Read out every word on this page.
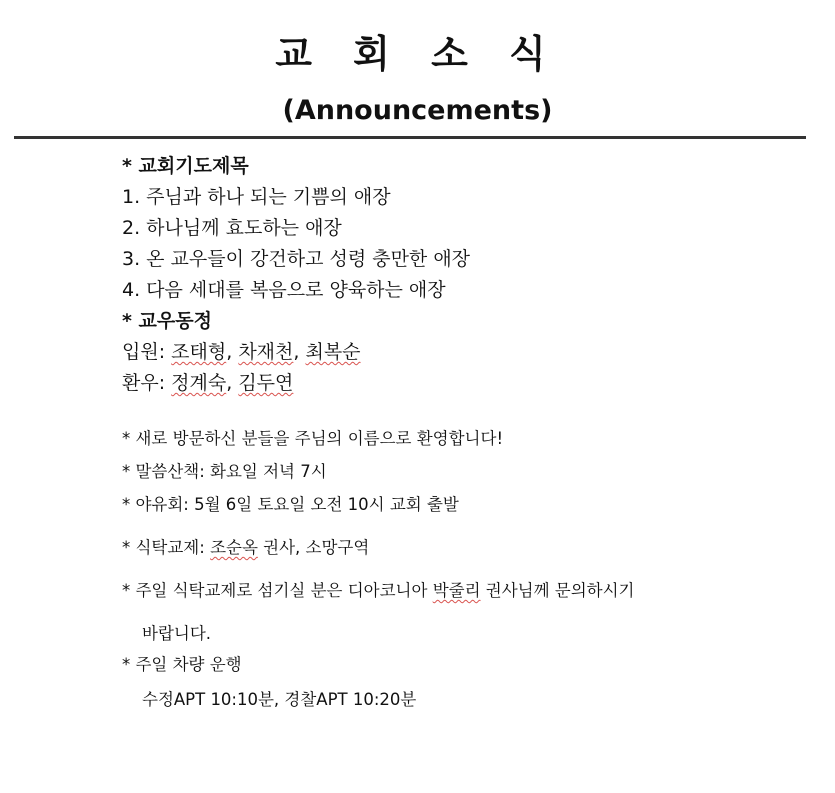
교 회 소 식
(Announcements)
* 교회기도제목
1. 주님과 하나 되는 기쁨의 애장
2. 하나님께 효도하는 애장
3. 온 교우들이 강건하고 성령 충만한 애장
4. 다음 세대를 복음으로 양육하는 애장
* 교우동정
입원: 조태형, 차재천, 최복순
환우: 정계숙, 김두연
* 새로 방문하신 분들을 주님의 이름으로 환영합니다!
* 말씀산책: 화요일 저녁 7시
* 야유회: 5월 6일 토요일 오전 10시 교회 출발
* 식탁교제: 조순옥 권사, 소망구역
* 주일 식탁교제로 섬기실 분은 디아코니아 박줄리 권사님께 문의하시기
바랍니다.
* 주일 차량 운행
수정APT 10:10분, 경찰APT 10:20분
